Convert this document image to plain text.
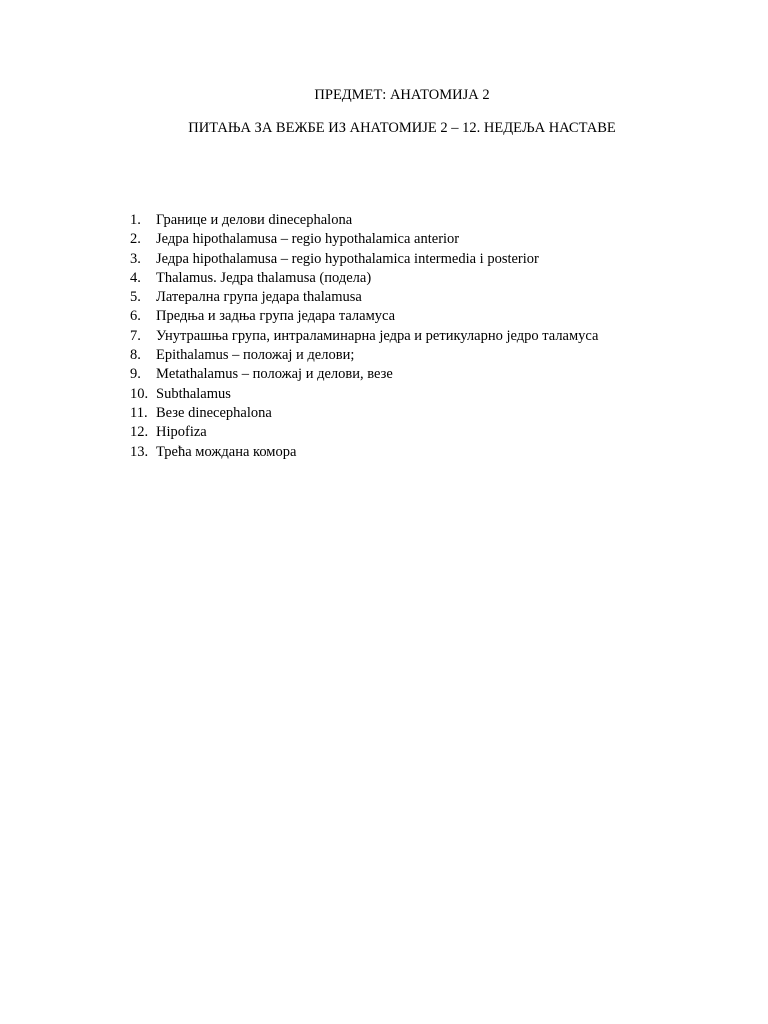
ПРЕДМЕТ: АНАТОМИЈА 2
ПИТАЊА ЗА ВЕЖБЕ ИЗ АНАТОМИЈЕ 2 – 12. НЕДЕЉА НАСТАВЕ
1.	Границе и делови dinecephalona
2.	Једра hipothalamusa – regio hypothalamica anterior
3.	Једра hipothalamusa – regio hypothalamica intermedia i posterior
4.	Thalamus. Једра thalamusa (подела)
5.	Латерална група једара thalamusa
6.	Предња и задња група једара таламуса
7.	Унутрашња група, интраламинарна једра и ретикуларно једро таламуса
8.	Epithalamus – положај и делови;
9.	Metathalamus – положај и делови, везе
10. Subthalamus
11. Везе dinecephalona
12. Hipofiza
13. Трећа мождана комора
